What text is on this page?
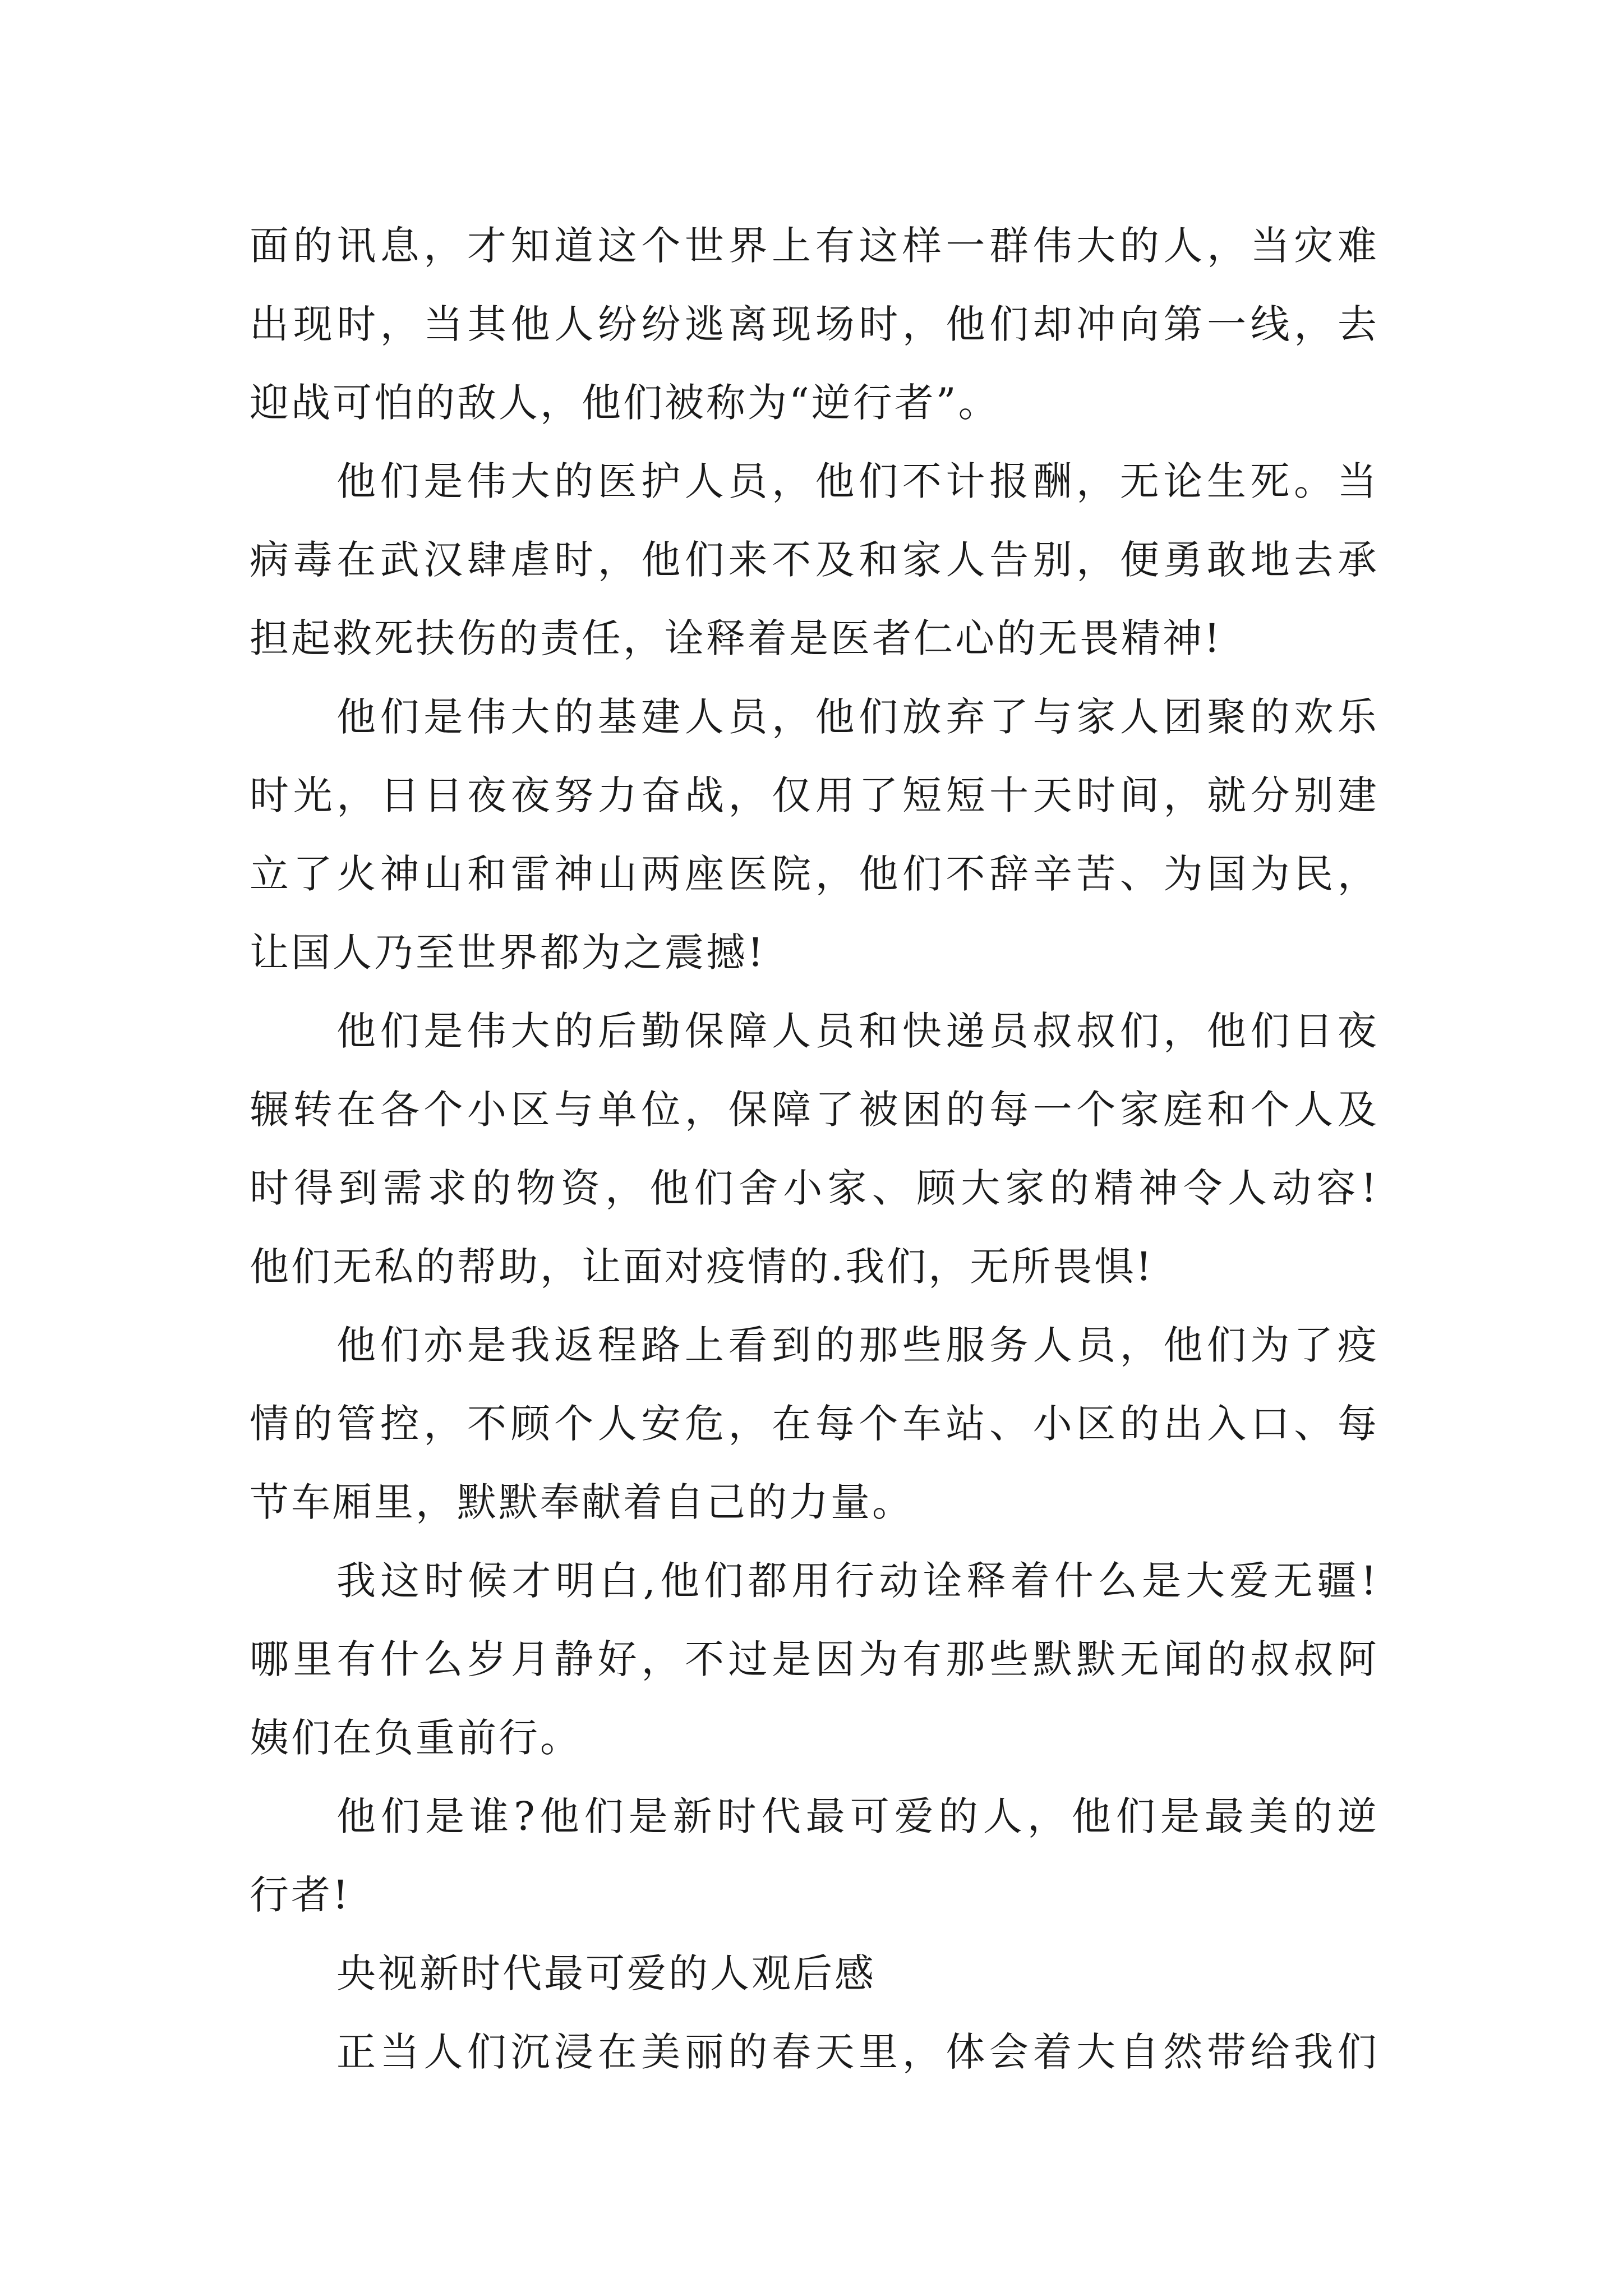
面 的 讯 息 ， 才 知 道 这 个 世 界 上 有 这 样 一 群 伟 大 的 人 ， 当 灾 难
出 现 时 ， 当 其 他 人 纷 纷 逃 离 现 场 时 ， 他 们 却 冲 向 第 一 线 ， 去
迎战可怕的敌人，他们被称为“逆行者”。
他 们 是 伟 大 的 医 护 人 员 ， 他 们 不 计 报 酬 ， 无 论 生 死 。 当
病 毒 在 武 汉 肆 虐 时 ， 他 们 来 不 及 和 家 人 告 别 ， 便 勇 敢 地 去 承
担起救死扶伤的责任，诠释着是医者仁心的无畏精神!
他 们 是 伟 大 的 基 建 人 员 ， 他 们 放 弃 了 与 家 人 团 聚 的 欢 乐
时 光 ， 日 日 夜 夜 努 力 奋 战 ， 仅 用 了 短 短 十 天 时 间 ， 就 分 别 建
立 了 火 神 山 和 雷 神 山 两 座 医 院 ， 他 们 不 辞 辛 苦 、 为 国 为 民 ，
让国人乃至世界都为之震撼!
他 们 是 伟 大 的 后 勤 保 障 人 员 和 快 递 员 叔 叔 们 ， 他 们 日 夜
辗 转 在 各 个 小 区 与 单 位 ， 保 障 了 被 困 的 每 一 个 家 庭 和 个 人 及
时 得 到 需 求 的 物 资 ， 他 们 舍 小 家 、 顾 大 家 的 精 神 令 人 动 容 !
他们无私的帮助，让面对疫情的.我们，无所畏惧!
他 们 亦 是 我 返 程 路 上 看 到 的 那 些 服 务 人 员 ， 他 们 为 了 疫
情 的 管 控 ， 不 顾 个 人 安 危 ， 在 每 个 车 站 、 小 区 的 出 入 口 、 每
节车厢里，默默奉献着自己的力量。
我 这 时 候 才 明 白 , 他 们 都 用 行 动 诠 释 着 什 么 是 大 爱 无 疆 !
哪 里 有 什 么 岁 月 静 好 ， 不 过 是 因 为 有 那 些 默 默 无 闻 的 叔 叔 阿
姨们在负重前行。
他 们 是 谁 ? 他 们 是 新 时 代 最 可 爱 的 人 ， 他 们 是 最 美 的 逆
行者!
央视新时代最可爱的人观后感
正 当 人 们 沉 浸 在 美 丽 的 春 天 里 ， 体 会 着 大 自 然 带 给 我 们
